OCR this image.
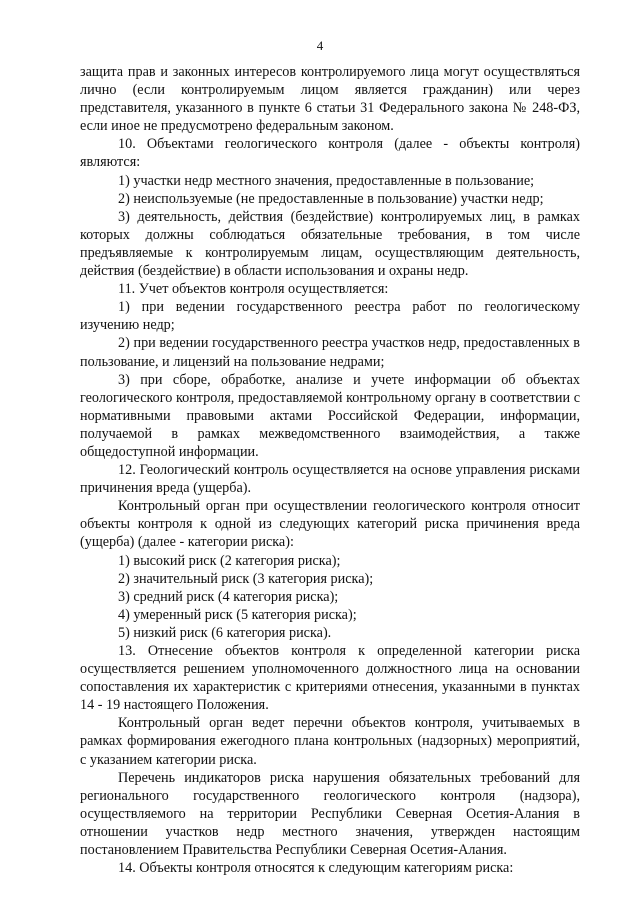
4

защита прав и законных интересов контролируемого лица могут осуществляться лично (если контролируемым лицом является гражданин) или через представителя, указанного в пункте 6 статьи 31 Федерального закона № 248-ФЗ, если иное не предусмотрено федеральным законом.

10. Объектами геологического контроля (далее - объекты контроля) являются:

1) участки недр местного значения, предоставленные в пользование;

2) неиспользуемые (не предоставленные в пользование) участки недр;

3) деятельность, действия (бездействие) контролируемых лиц, в рамках которых должны соблюдаться обязательные требования, в том числе предъявляемые к контролируемым лицам, осуществляющим деятельность, действия (бездействие) в области использования и охраны недр.

11. Учет объектов контроля осуществляется:

1) при ведении государственного реестра работ по геологическому изучению недр;

2) при ведении государственного реестра участков недр, предоставленных в пользование, и лицензий на пользование недрами;

3) при сборе, обработке, анализе и учете информации об объектах геологического контроля, предоставляемой контрольному органу в соответствии с нормативными правовыми актами Российской Федерации, информации, получаемой в рамках межведомственного взаимодействия, а также общедоступной информации.

12. Геологический контроль осуществляется на основе управления рисками причинения вреда (ущерба).

Контрольный орган при осуществлении геологического контроля относит объекты контроля к одной из следующих категорий риска причинения вреда (ущерба) (далее - категории риска):

1) высокий риск (2 категория риска);

2) значительный риск (3 категория риска);

3) средний риск (4 категория риска);

4) умеренный риск (5 категория риска);

5) низкий риск (6 категория риска).

13. Отнесение объектов контроля к определенной категории риска осуществляется решением уполномоченного должностного лица на основании сопоставления их характеристик с критериями отнесения, указанными в пунктах 14 - 19 настоящего Положения.

Контрольный орган ведет перечни объектов контроля, учитываемых в рамках формирования ежегодного плана контрольных (надзорных) мероприятий, с указанием категории риска.

Перечень индикаторов риска нарушения обязательных требований для регионального государственного геологического контроля (надзора), осуществляемого на территории Республики Северная Осетия-Алания в отношении участков недр местного значения, утвержден настоящим постановлением Правительства Республики Северная Осетия-Алания.

14. Объекты контроля относятся к следующим категориям риска:
